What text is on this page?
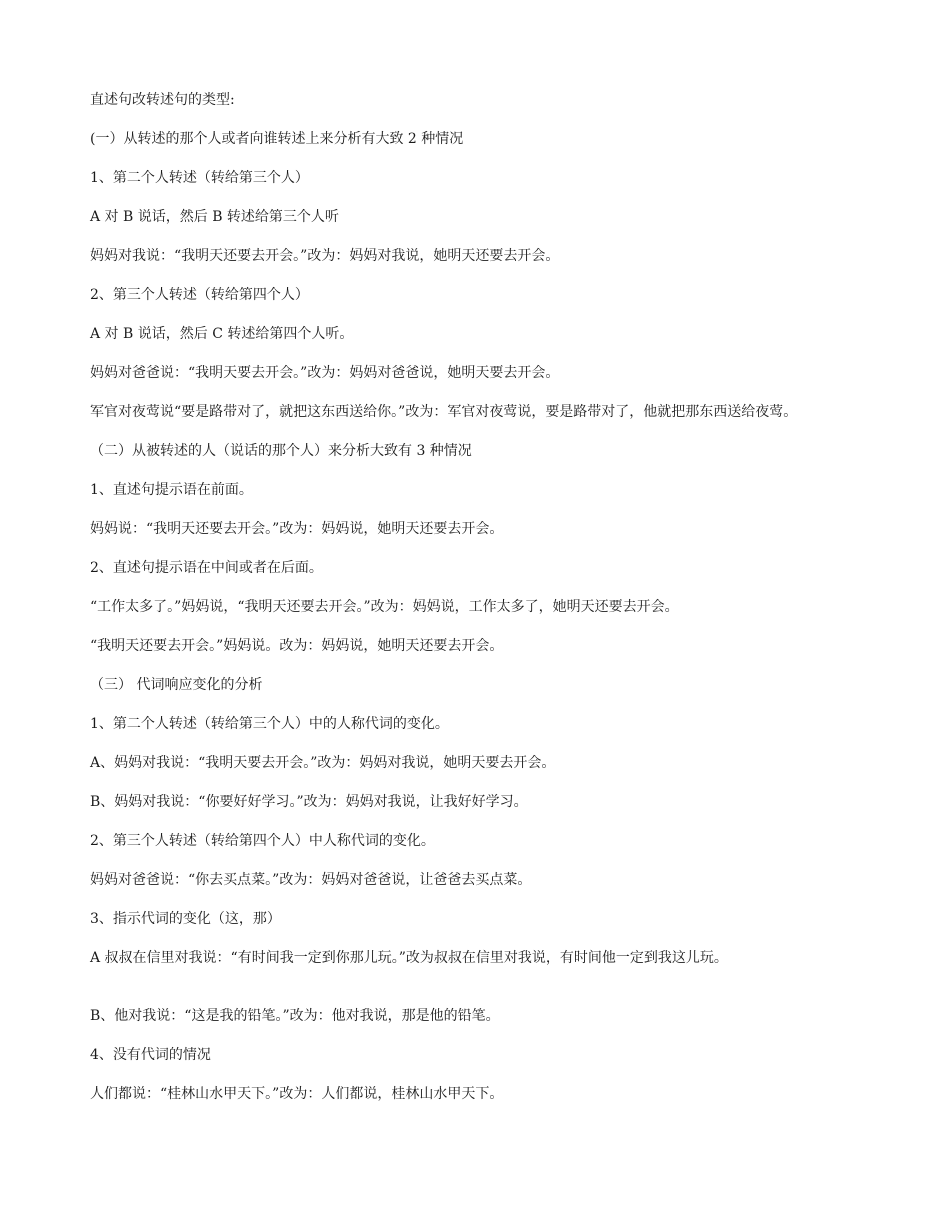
直述句改转述句的类型:

(一）从转述的那个人或者向谁转述上来分析有大致 2 种情况

1、第二个人转述（转给第三个人）

A 对 B 说话，然后 B 转述给第三个人听

妈妈对我说：“我明天还要去开会。”改为：妈妈对我说，她明天还要去开会。

2、第三个人转述（转给第四个人）

A 对 B 说话，然后 C 转述给第四个人听。

妈妈对爸爸说：“我明天要去开会。”改为：妈妈对爸爸说，她明天要去开会。

军官对夜莺说“要是路带对了，就把这东西送给你。”改为：军官对夜莺说，要是路带对了，他就把那东西送给夜莺。

（二）从被转述的人（说话的那个人）来分析大致有 3 种情况

1、直述句提示语在前面。

妈妈说：“我明天还要去开会。”改为：妈妈说，她明天还要去开会。

2、直述句提示语在中间或者在后面。

“工作太多了。”妈妈说，“我明天还要去开会。”改为：妈妈说，工作太多了，她明天还要去开会。

“我明天还要去开会。”妈妈说。改为：妈妈说，她明天还要去开会。

（三） 代词响应变化的分析

1、第二个人转述（转给第三个人）中的人称代词的变化。

A、妈妈对我说：“我明天要去开会。”改为：妈妈对我说，她明天要去开会。

B、妈妈对我说：“你要好好学习。”改为：妈妈对我说，让我好好学习。

2、第三个人转述（转给第四个人）中人称代词的变化。

妈妈对爸爸说：“你去买点菜。”改为：妈妈对爸爸说，让爸爸去买点菜。

3、指示代词的变化（这，那）

A 叔叔在信里对我说：“有时间我一定到你那儿玩。”改为叔叔在信里对我说，有时间他一定到我这儿玩。

B、他对我说：“这是我的铅笔。”改为：他对我说，那是他的铅笔。

4、没有代词的情况

人们都说：“桂林山水甲天下。”改为：人们都说，桂林山水甲天下。
